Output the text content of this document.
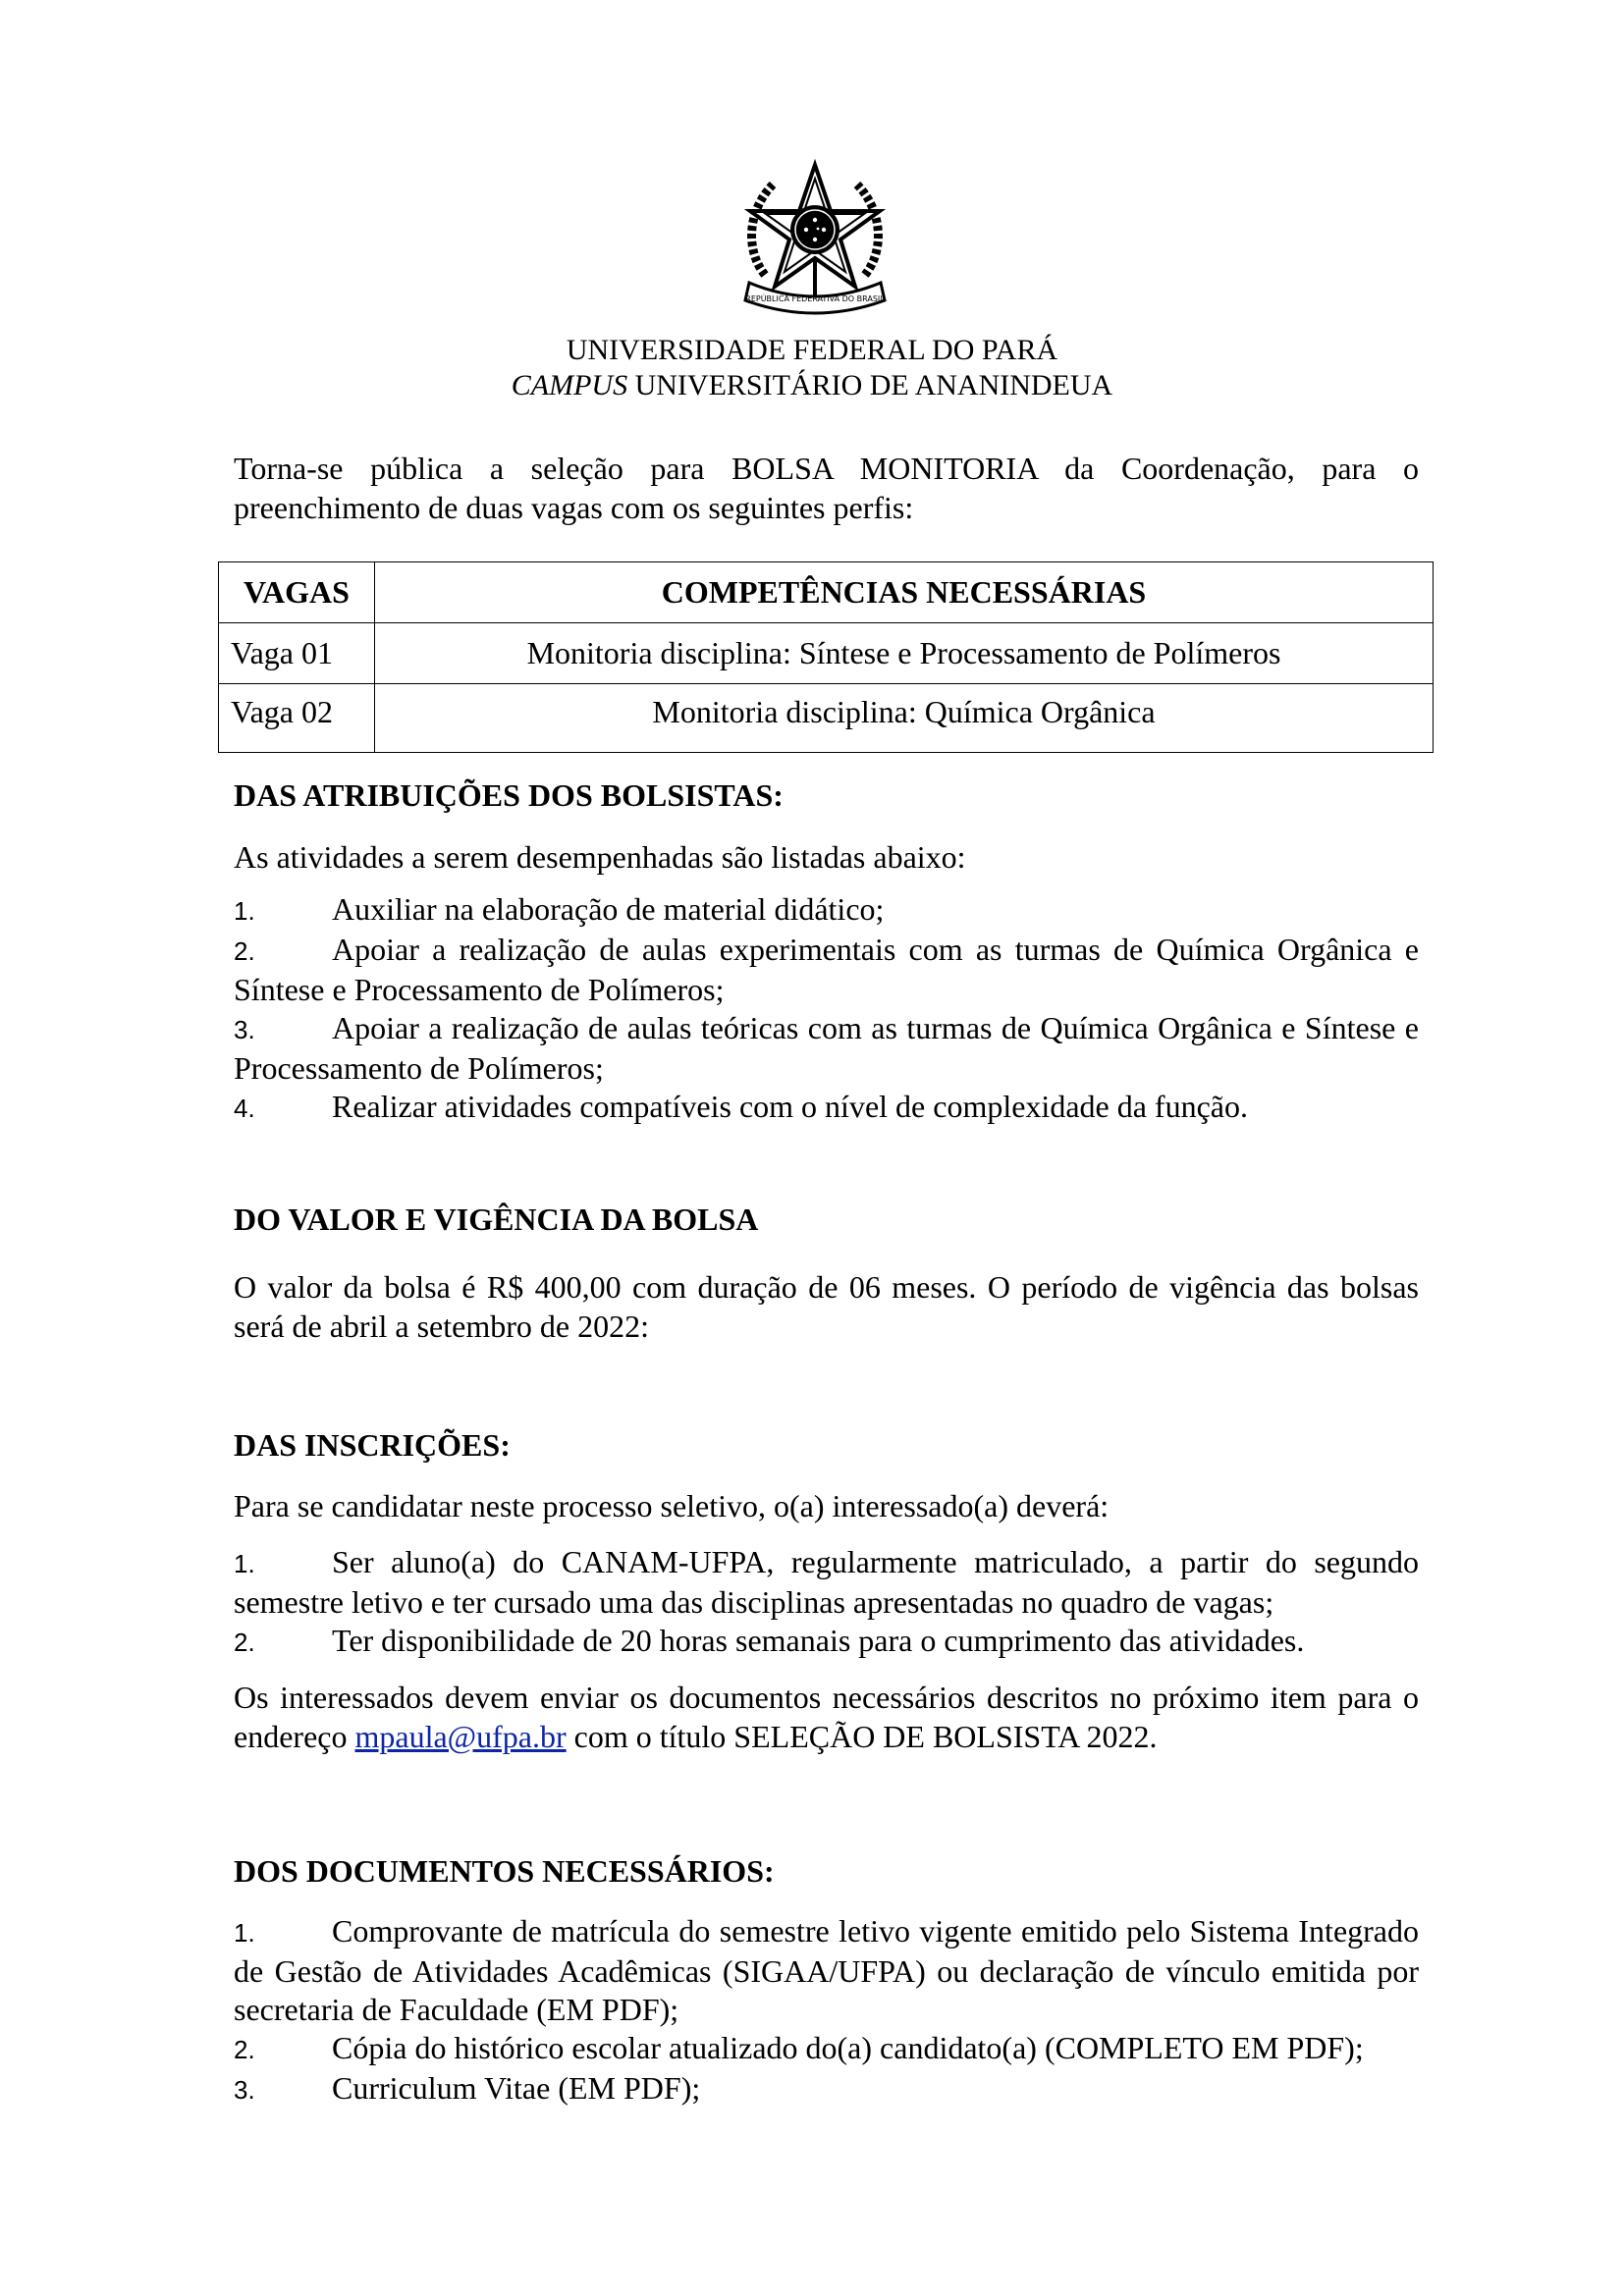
REPÚBLICA FEDERATIVA DO BRASIL
UNIVERSIDADE FEDERAL DO PARÁ
CAMPUS UNIVERSITÁRIO DE ANANINDEUA

Torna-se pública a seleção para BOLSA MONITORIA da Coordenação, para o preenchimento de duas vagas com os seguintes perfis:

VAGAS	COMPETÊNCIAS NECESSÁRIAS
Vaga 01	Monitoria disciplina: Síntese e Processamento de Polímeros
Vaga 02	Monitoria disciplina: Química Orgânica

DAS ATRIBUIÇÕES DOS BOLSISTAS:

As atividades a serem desempenhadas são listadas abaixo:

1. Auxiliar na elaboração de material didático;

2. Apoiar a realização de aulas experimentais com as turmas de Química Orgânica e Síntese e Processamento de Polímeros;

3. Apoiar a realização de aulas teóricas com as turmas de Química Orgânica e Síntese e Processamento de Polímeros;

4. Realizar atividades compatíveis com o nível de complexidade da função.

DO VALOR E VIGÊNCIA DA BOLSA

O valor da bolsa é R$ 400,00 com duração de 06 meses. O período de vigência das bolsas será de abril a setembro de 2022:

DAS INSCRIÇÕES:

Para se candidatar neste processo seletivo, o(a) interessado(a) deverá:

1. Ser aluno(a) do CANAM-UFPA, regularmente matriculado, a partir do segundo semestre letivo e ter cursado uma das disciplinas apresentadas no quadro de vagas;

2. Ter disponibilidade de 20 horas semanais para o cumprimento das atividades.

Os interessados devem enviar os documentos necessários descritos no próximo item para o endereço mpaula@ufpa.br com o título SELEÇÃO DE BOLSISTA 2022.

DOS DOCUMENTOS NECESSÁRIOS:

1. Comprovante de matrícula do semestre letivo vigente emitido pelo Sistema Integrado de Gestão de Atividades Acadêmicas (SIGAA/UFPA) ou declaração de vínculo emitida por secretaria de Faculdade (EM PDF);

2. Cópia do histórico escolar atualizado do(a) candidato(a) (COMPLETO EM PDF);

3. Curriculum Vitae (EM PDF);
